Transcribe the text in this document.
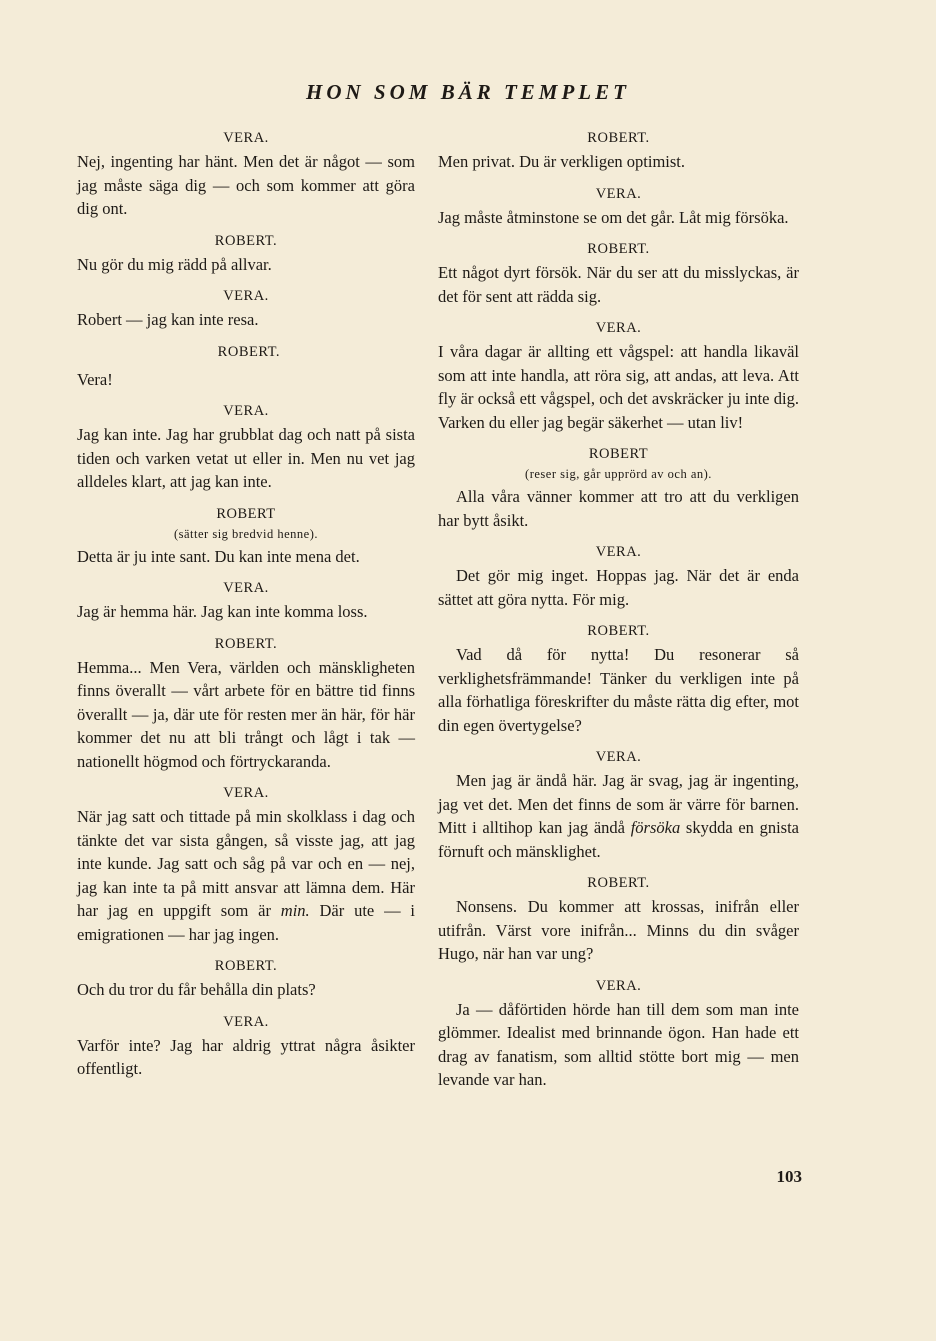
HON SOM BÄR TEMPLET
VERA.

Nej, ingenting har hänt. Men det är något — som jag måste säga dig — och som kommer att göra dig ont.

ROBERT.

Nu gör du mig rädd på allvar.

VERA.

Robert — jag kan inte resa.

Vera!

ROBERT.
VERA.

Jag kan inte. Jag har grubblat dag och natt på sista tiden och varken vetat ut eller in. Men nu vet jag alldeles klart, att jag kan inte.

ROBERT
(sätter sig bredvid henne).

Detta är ju inte sant. Du kan inte mena det.

VERA.

Jag är hemma här. Jag kan inte komma loss.

ROBERT.

Hemma... Men Vera, världen och mänskligheten finns överallt — vårt arbete för en bättre tid finns överallt — ja, där ute för resten mer än här, för här kommer det nu att bli trångt och lågt i tak — nationellt högmod och förtryckaranda.

VERA.

När jag satt och tittade på min skolklass i dag och tänkte det var sista gången, så visste jag, att jag inte kunde. Jag satt och såg på var och en — nej, jag kan inte ta på mitt ansvar att lämna dem. Här har jag en uppgift som är min. Där ute — i emigrationen — har jag ingen.

ROBERT.

Och du tror du får behålla din plats?

VERA.

Varför inte? Jag har aldrig yttrat några åsikter offentligt.

ROBERT.

Men privat. Du är verkligen optimist.

VERA.

Jag måste åtminstone se om det går. Låt mig försöka.

ROBERT.

Ett något dyrt försök. När du ser att du misslyckas, är det för sent att rädda sig.

VERA.

I våra dagar är allting ett vågspel: att handla likaväl som att inte handla, att röra sig, att andas, att leva. Att fly är också ett vågspel, och det avskräcker ju inte dig. Varken du eller jag begär säkerhet — utan liv!

ROBERT
(reser sig, går upprörd av och an).

Alla våra vänner kommer att tro att du verkligen har bytt åsikt.

VERA.

Det gör mig inget. Hoppas jag. När det är enda sättet att göra nytta. För mig.

ROBERT.

Vad då för nytta! Du resonerar så verklighetsfrämmande! Tänker du verkligen inte på alla förhatliga föreskrifter du måste rätta dig efter, mot din egen övertygelse?

VERA.

Men jag är ändå här. Jag är svag, jag är ingenting, jag vet det. Men det finns de som är värre för barnen. Mitt i alltihop kan jag ändå försöka skydda en gnista förnuft och mänsklighet.

ROBERT.

Nonsens. Du kommer att krossas, inifrån eller utifrån. Värst vore inifrån... Minns du din svåger Hugo, när han var ung?

VERA.

Ja — dåförtiden hörde han till dem som man inte glömmer. Idealist med brinnande ögon. Han hade ett drag av fanatism, som alltid stötte bort mig — men levande var han.

103
